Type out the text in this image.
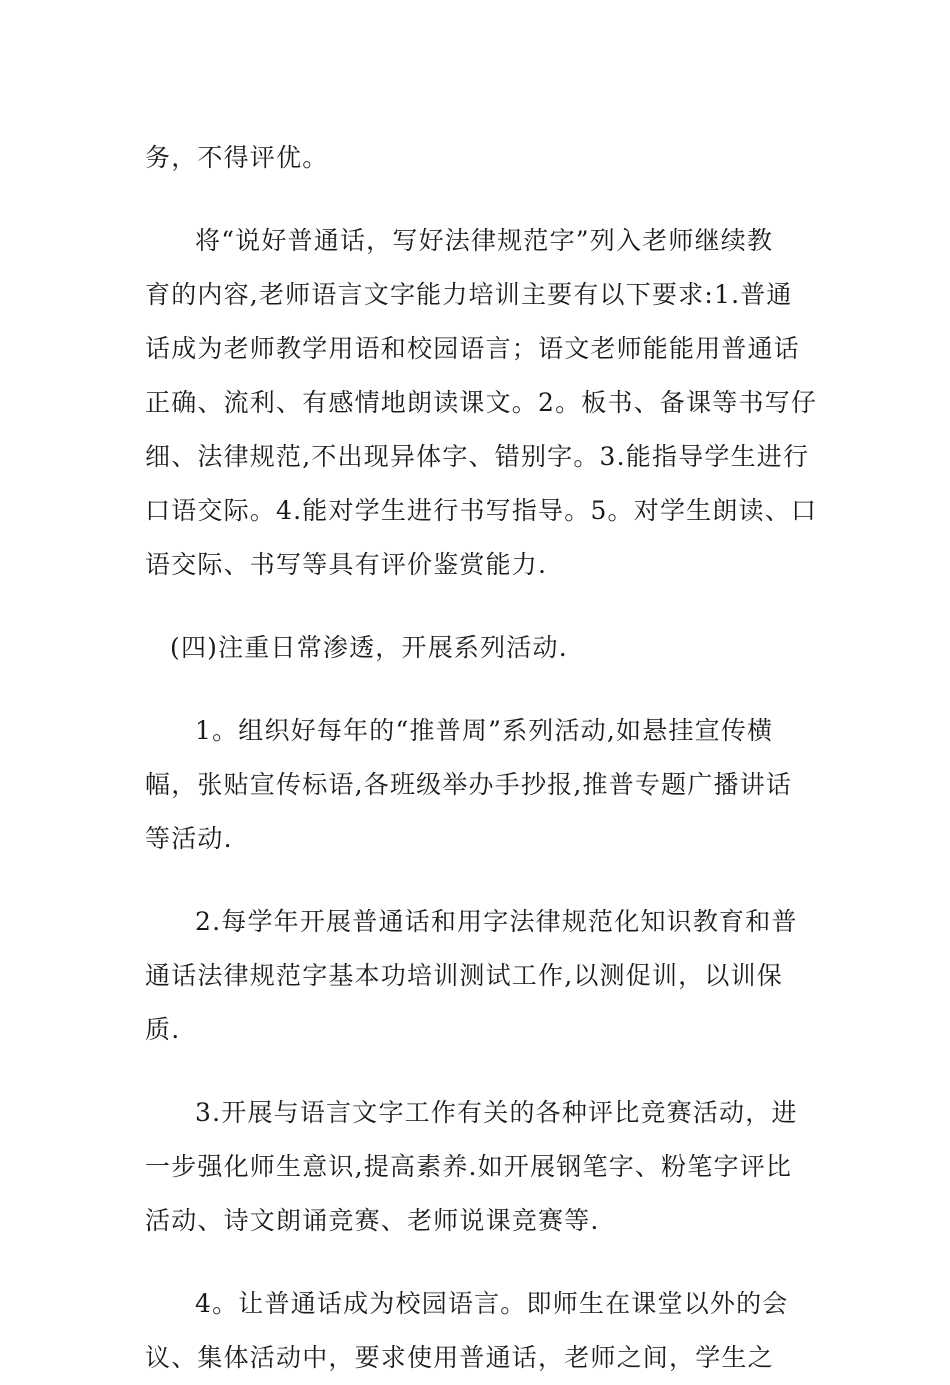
务，不得评优。

将“说好普通话，写好法律规范字”列入老师继续教
育的内容,老师语言文字能力培训主要有以下要求:1.普通
话成为老师教学用语和校园语言；语文老师能能用普通话
正确、流利、有感情地朗读课文。2。板书、备课等书写仔
细、法律规范,不出现异体字、错别字。3.能指导学生进行
口语交际。4.能对学生进行书写指导。5。对学生朗读、口
语交际、书写等具有评价鉴赏能力.

(四)注重日常渗透，开展系列活动.

1。组织好每年的“推普周”系列活动,如悬挂宣传横
幅，张贴宣传标语,各班级举办手抄报,推普专题广播讲话
等活动.

2.每学年开展普通话和用字法律规范化知识教育和普
通话法律规范字基本功培训测试工作,以测促训，以训保
质.

3.开展与语言文字工作有关的各种评比竞赛活动，进
一步强化师生意识,提高素养.如开展钢笔字、粉笔字评比
活动、诗文朗诵竞赛、老师说课竞赛等.

4。让普通话成为校园语言。即师生在课堂以外的会
议、集体活动中，要求使用普通话，老师之间，学生之
